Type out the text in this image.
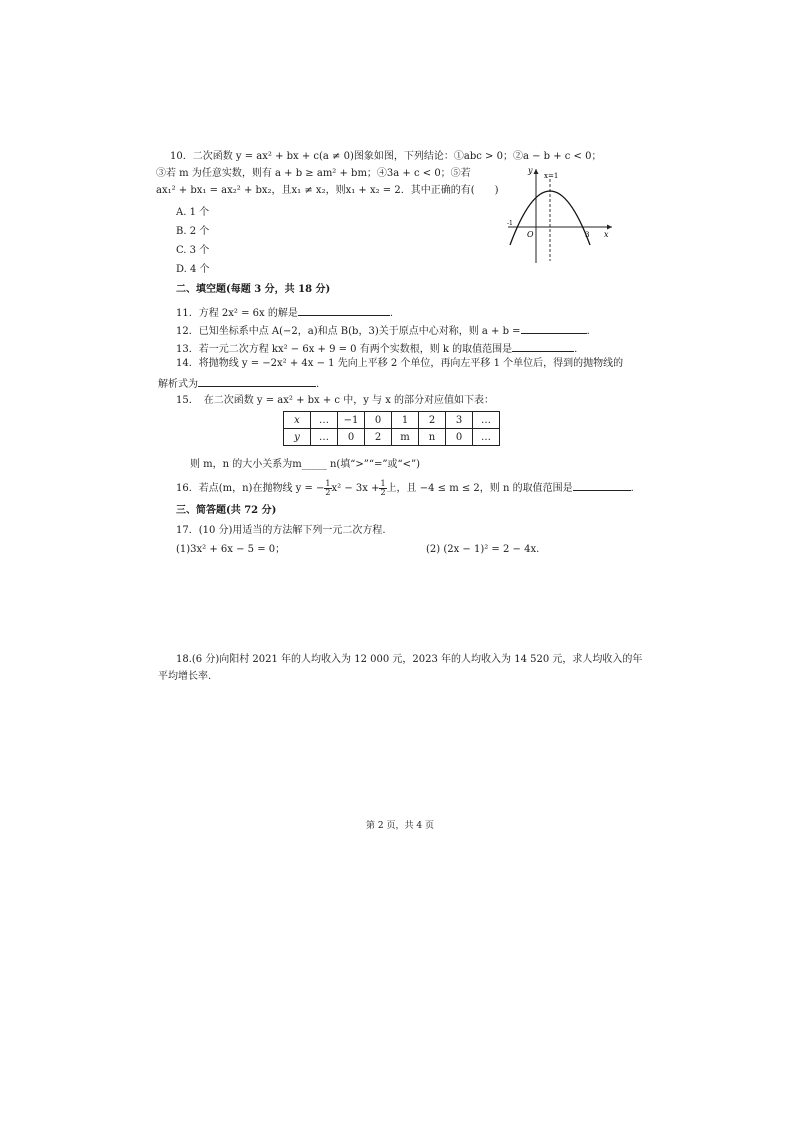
10．二次函数 y = ax² + bx + c(a ≠ 0)图象如图，下列结论：①abc > 0；②a − b + c < 0；
③若 m 为任意实数，则有 a + b ≥ am² + bm；④3a + c < 0；⑤若
ax₁² + bx₁ = ax₂² + bx₂，且x₁ ≠ x₂，则x₁ + x₂ = 2．其中正确的有(　　)
A. 1 个
B. 2 个
C. 3 个
D. 4 个
y
x=1
O	3 x
-1
二、填空题(每题 3 分，共 18 分)
11．方程 2x² = 6x 的解是	.
12．已知坐标系中点 A(−2，a)和点 B(b，3)关于原点中心对称，则 a + b =	.
13．若一元二次方程 kx² − 6x + 9 = 0 有两个实数根，则 k 的取值范围是	.
14．将抛物线 y = −2x² + 4x − 1 先向上平移 2 个单位，再向左平移 1 个单位后，得到的抛物线的
解析式为	.
15．　在二次函数 y = ax² + bx + c 中，y 与 x 的部分对应值如下表：
x	…	−1	0	1	2	3	…
y	…	0	2	m	n	0	…
则 m，n 的大小关系为m_____ n(填“>”“=”或“<”)
16．若点(m，n)在抛物线 y = − $\frac{1}{2} x^2 - 3x + \frac{1}{2}$ 上，且 −4 ≤ m ≤ 2，则 n 的取值范围是	.
三、简答题(共 72 分)
17．(10 分)用适当的方法解下列一元二次方程.
(1)3x² + 6x − 5 = 0；	(2) (2x − 1)² = 2 − 4x.
18.(6 分)向阳村 2021 年的人均收入为 12 000 元，2023 年的人均收入为 14 520 元，求人均收入的年
平均增长率.
第 2 页，共 4 页
